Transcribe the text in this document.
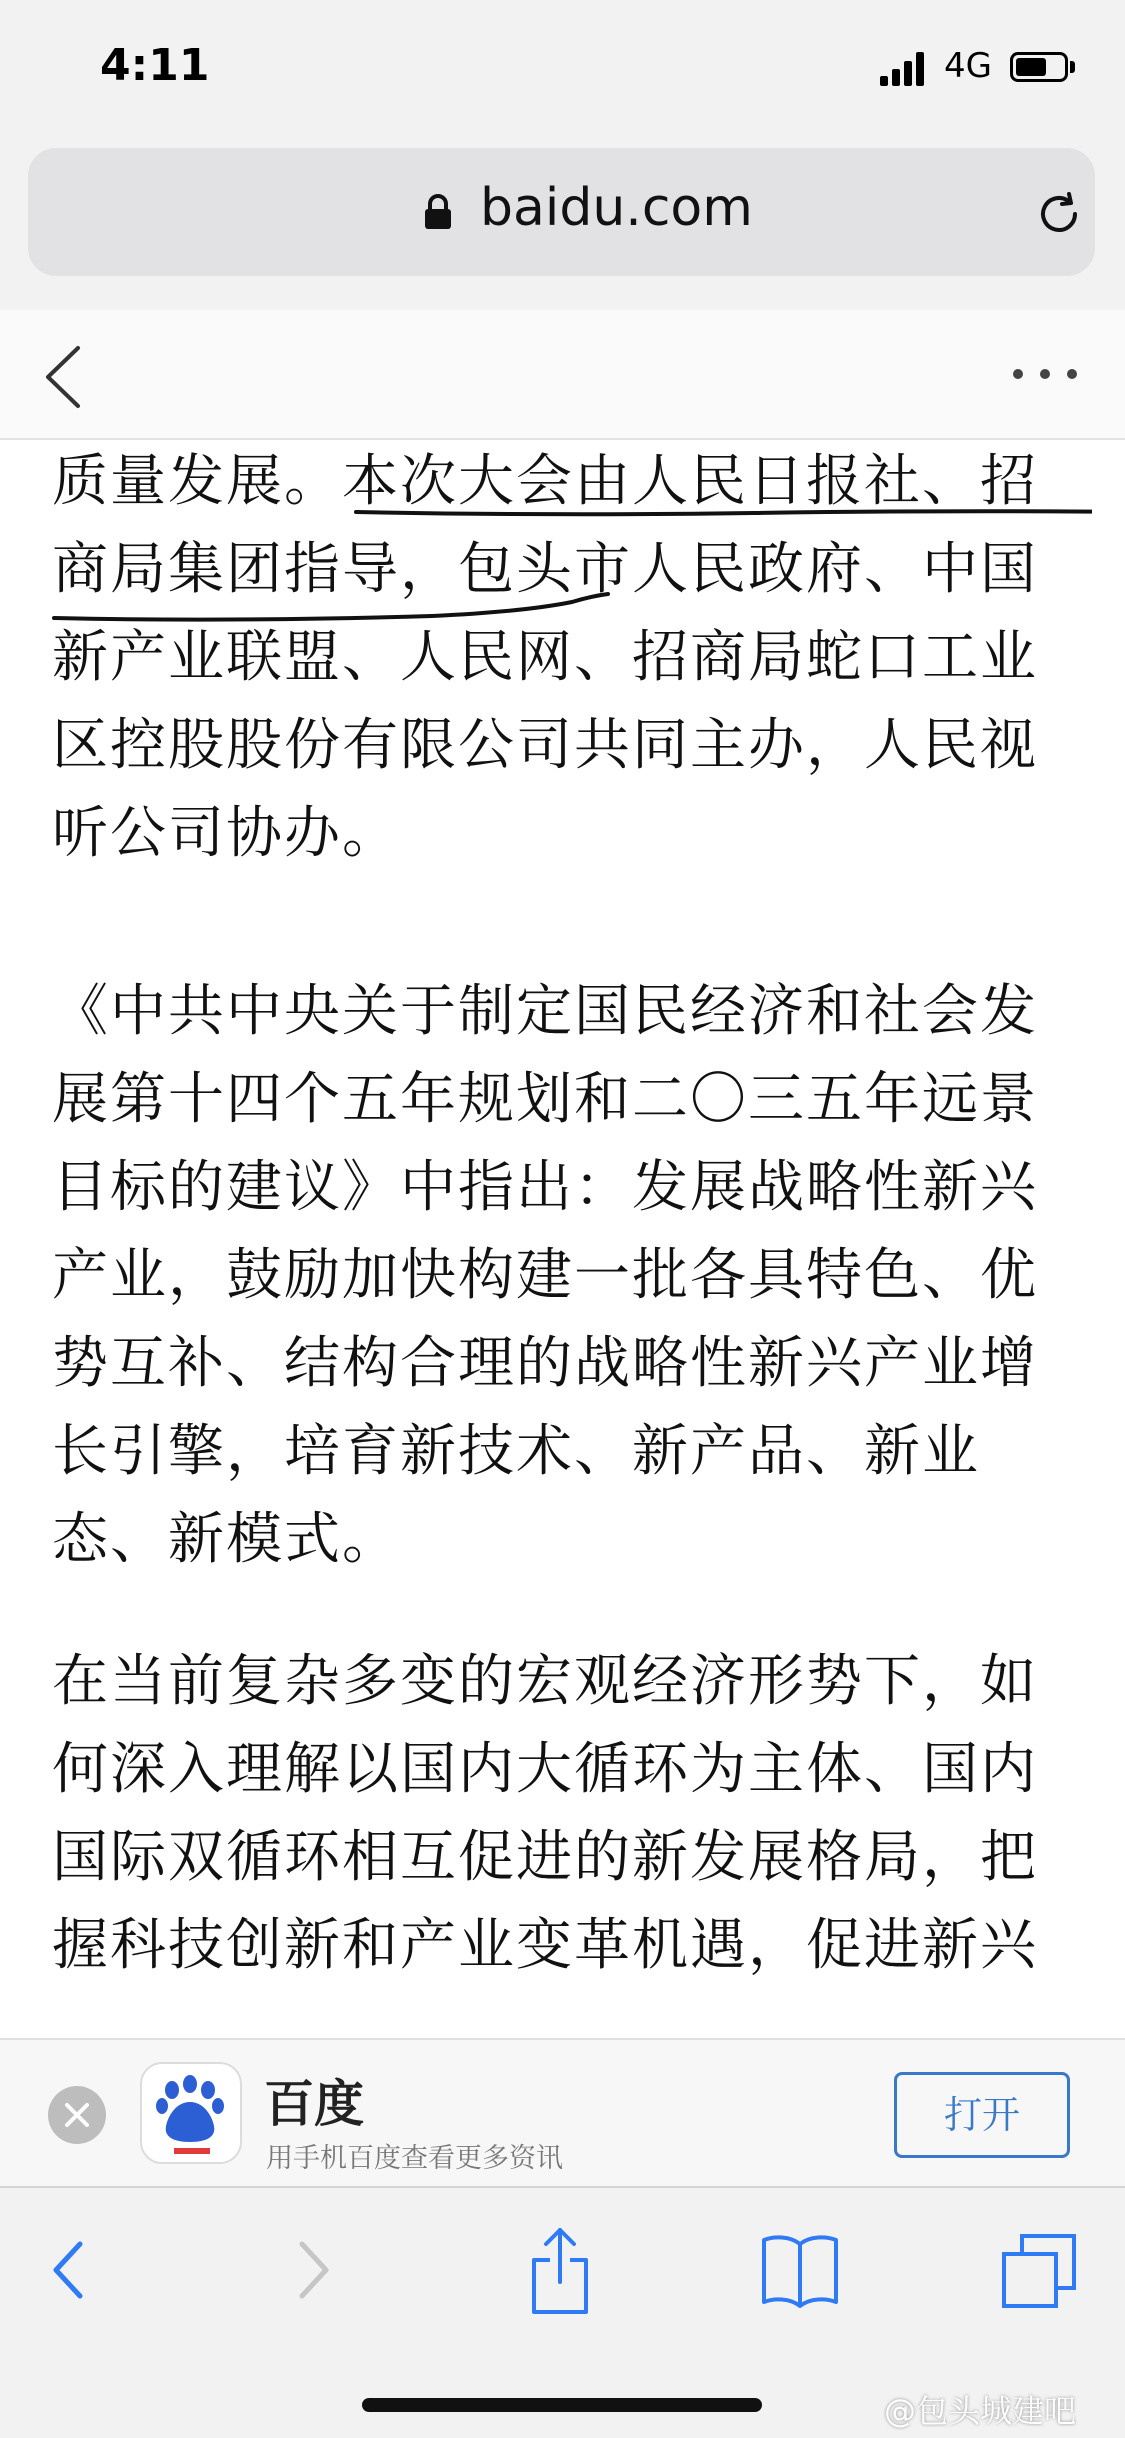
4:11	4G
baidu.com
质量发展。本次大会由人民日报社、招
商局集团指导，包头市人民政府、中国
新产业联盟、人民网、招商局蛇口工业
区控股股份有限公司共同主办，人民视
听公司协办。
《中共中央关于制定国民经济和社会发
展第十四个五年规划和二〇三五年远景
目标的建议》中指出：发展战略性新兴
产业，鼓励加快构建一批各具特色、优
势互补、结构合理的战略性新兴产业增
长引擎，培育新技术、新产品、新业
态、新模式。
在当前复杂多变的宏观经济形势下，如
何深入理解以国内大循环为主体、国内
国际双循环相互促进的新发展格局，把
握科技创新和产业变革机遇，促进新兴
百度
用手机百度查看更多资讯
打开
@包头城建吧
